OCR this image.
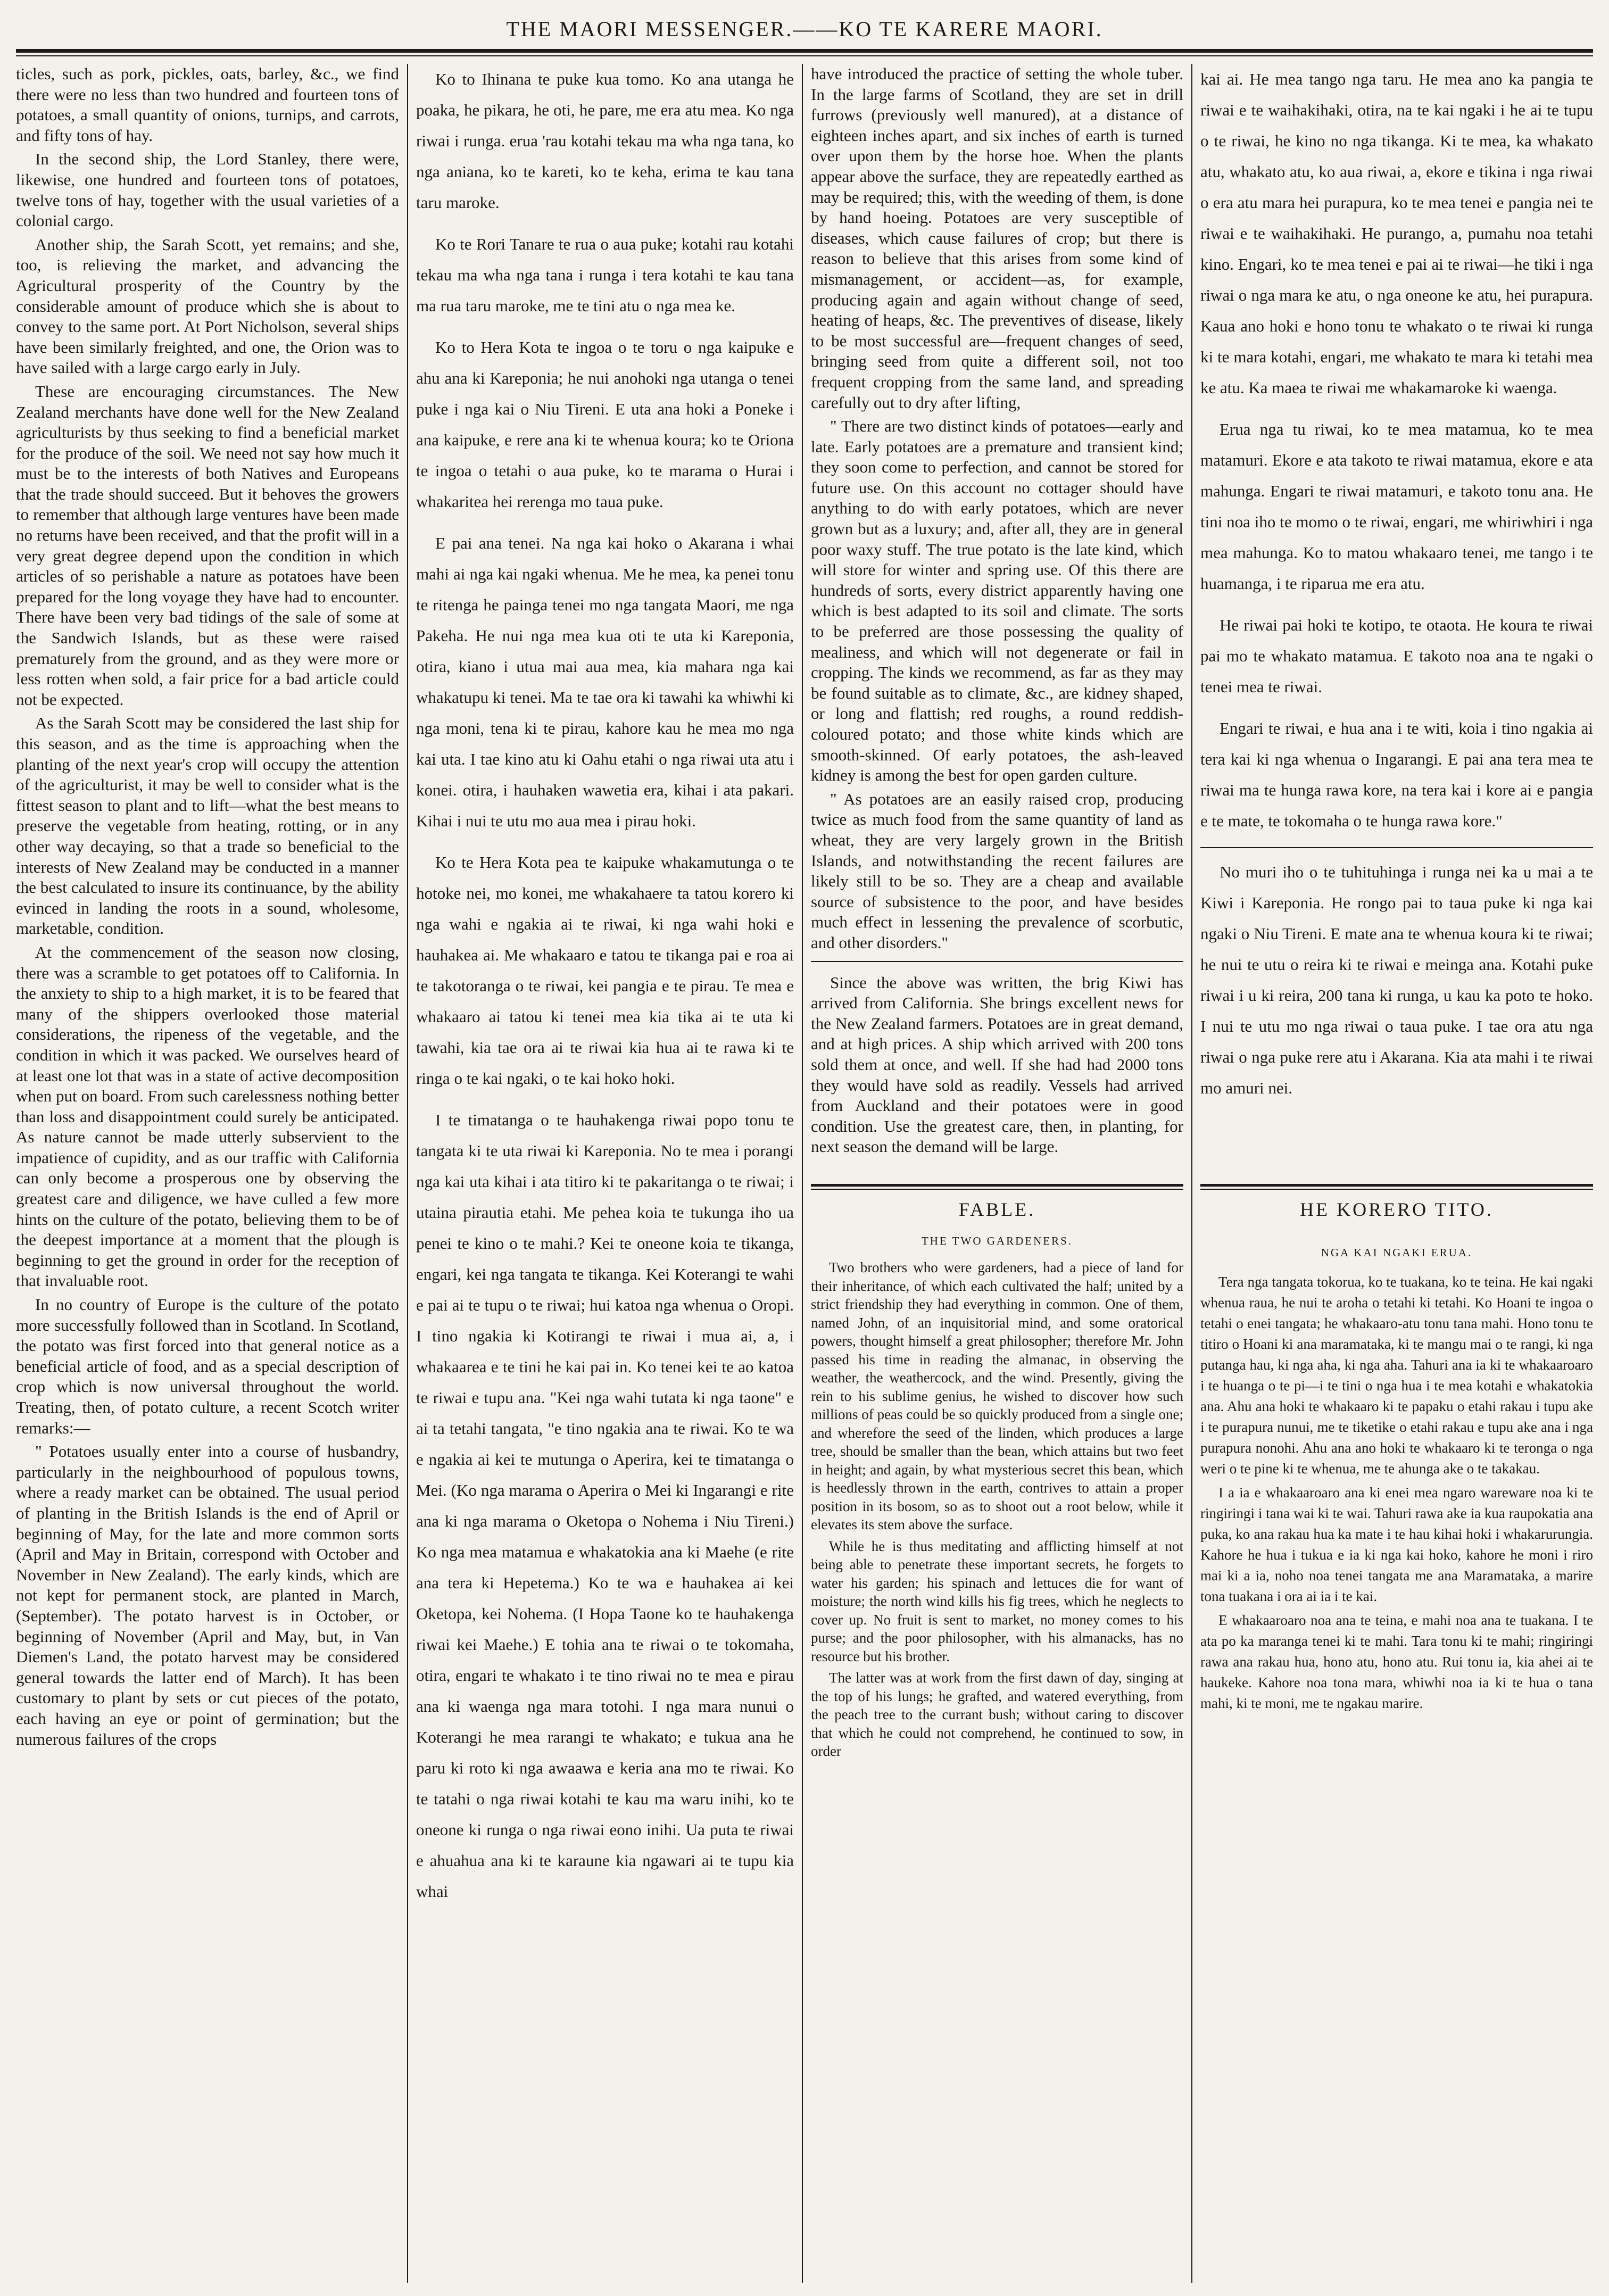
THE MAORI MESSENGER.——KO TE KARERE MAORI.

ticles, such as pork, pickles, oats, barley, &c., we find there were no less than two hundred and fourteen tons of potatoes, a small quantity of onions, turnips, and carrots, and fifty tons of hay.

In the second ship, the Lord Stanley, there were, likewise, one hundred and fourteen tons of potatoes, twelve tons of hay, together with the usual varieties of a colonial cargo.

Another ship, the Sarah Scott, yet remains; and she, too, is relieving the market, and advancing the Agricultural prosperity of the Country by the considerable amount of produce which she is about to convey to the same port. At Port Nicholson, several ships have been similarly freighted, and one, the Orion was to have sailed with a large cargo early in July.

These are encouraging circumstances. The New Zealand merchants have done well for the New Zealand agriculturists by thus seeking to find a beneficial market for the produce of the soil. We need not say how much it must be to the interests of both Natives and Europeans that the trade should succeed. But it behoves the growers to remember that although large ventures have been made no returns have been received, and that the profit will in a very great degree depend upon the condition in which articles of so perishable a nature as potatoes have been prepared for the long voyage they have had to encounter. There have been very bad tidings of the sale of some at the Sandwich Islands, but as these were raised prematurely from the ground, and as they were more or less rotten when sold, a fair price for a bad article could not be expected.

As the Sarah Scott may be considered the last ship for this season, and as the time is approaching when the planting of the next year's crop will occupy the attention of the agriculturist, it may be well to consider what is the fittest season to plant and to lift—what the best means to preserve the vegetable from heating, rotting, or in any other way decaying, so that a trade so beneficial to the interests of New Zealand may be conducted in a manner the best calculated to insure its continuance, by the ability evinced in landing the roots in a sound, wholesome, marketable, condition.

At the commencement of the season now closing, there was a scramble to get potatoes off to California. In the anxiety to ship to a high market, it is to be feared that many of the shippers overlooked those material considerations, the ripeness of the vegetable, and the condition in which it was packed. We ourselves heard of at least one lot that was in a state of active decomposition when put on board. From such carelessness nothing better than loss and disappointment could surely be anticipated. As nature cannot be made utterly subservient to the impatience of cupidity, and as our traffic with California can only become a prosperous one by observing the greatest care and diligence, we have culled a few more hints on the culture of the potato, believing them to be of the deepest importance at a moment that the plough is beginning to get the ground in order for the reception of that invaluable root.

In no country of Europe is the culture of the potato more successfully followed than in Scotland. In Scotland, the potato was first forced into that general notice as a beneficial article of food, and as a special description of crop which is now universal throughout the world. Treating, then, of potato culture, a recent Scotch writer remarks:—

" Potatoes usually enter into a course of husbandry, particularly in the neighbourhood of populous towns, where a ready market can be obtained. The usual period of planting in the British Islands is the end of April or beginning of May, for the late and more common sorts (April and May in Britain, correspond with October and November in New Zealand). The early kinds, which are not kept for permanent stock, are planted in March, (September). The potato harvest is in October, or beginning of November (April and May, but, in Van Diemen's Land, the potato harvest may be considered general towards the latter end of March). It has been customary to plant by sets or cut pieces of the potato, each having an eye or point of germination; but the numerous failures of the crops

Ko to Ihinana te puke kua tomo. Ko ana utanga he poaka, he pikara, he oti, he pare, me era atu mea. Ko nga riwai i runga. erua 'rau kotahi tekau ma wha nga tana, ko nga aniana, ko te kareti, ko te keha, erima te kau tana taru maroke.

Ko te Rori Tanare te rua o aua puke; kotahi rau kotahi tekau ma wha nga tana i runga i tera kotahi te kau tana ma rua taru maroke, me te tini atu o nga mea ke.

Ko to Hera Kota te ingoa o te toru o nga kaipuke e ahu ana ki Kareponia; he nui anohoki nga utanga o tenei puke i nga kai o Niu Tireni. E uta ana hoki a Poneke i ana kaipuke, e rere ana ki te whenua koura; ko te Oriona te ingoa o tetahi o aua puke, ko te marama o Hurai i whakaritea hei rerenga mo taua puke.

E pai ana tenei. Na nga kai hoko o Akarana i whai mahi ai nga kai ngaki whenua. Me he mea, ka penei tonu te ritenga he painga tenei mo nga tangata Maori, me nga Pakeha. He nui nga mea kua oti te uta ki Kareponia, otira, kiano i utua mai aua mea, kia mahara nga kai whakatupu ki tenei. Ma te tae ora ki tawahi ka whiwhi ki nga moni, tena ki te pirau, kahore kau he mea mo nga kai uta. I tae kino atu ki Oahu etahi o nga riwai uta atu i konei. otira, i hauhaken wawetia era, kihai i ata pakari. Kihai i nui te utu mo aua mea i pirau hoki.

Ko te Hera Kota pea te kaipuke whakamutunga o te hotoke nei, mo konei, me whakahaere ta tatou korero ki nga wahi e ngakia ai te riwai, ki nga wahi hoki e hauhakea ai. Me whakaaro e tatou te tikanga pai e roa ai te takotoranga o te riwai, kei pangia e te pirau. Te mea e whakaaro ai tatou ki tenei mea kia tika ai te uta ki tawahi, kia tae ora ai te riwai kia hua ai te rawa ki te ringa o te kai ngaki, o te kai hoko hoki.

I te timatanga o te hauhakenga riwai popo tonu te tangata ki te uta riwai ki Kareponia. No te mea i porangi nga kai uta kihai i ata titiro ki te pakaritanga o te riwai; i utaina pirautia etahi. Me pehea koia te tukunga iho ua penei te kino o te mahi.? Kei te oneone koia te tikanga, engari, kei nga tangata te tikanga. Kei Koterangi te wahi e pai ai te tupu o te riwai; hui katoa nga whenua o Oropi. I tino ngakia ki Kotirangi te riwai i mua ai, a, i whakaarea e te tini he kai pai in. Ko tenei kei te ao katoa te riwai e tupu ana. "Kei nga wahi tutata ki nga taone" e ai ta tetahi tangata, "e tino ngakia ana te riwai. Ko te wa e ngakia ai kei te mutunga o Aperira, kei te timatanga o Mei. (Ko nga marama o Aperira o Mei ki Ingarangi e rite ana ki nga marama o Oketopa o Nohema i Niu Tireni.) Ko nga mea matamua e whakatokia ana ki Maehe (e rite ana tera ki Hepetema.) Ko te wa e hauhakea ai kei Oketopa, kei Nohema. (I Hopa Taone ko te hauhakenga riwai kei Maehe.) E tohia ana te riwai o te tokomaha, otira, engari te whakato i te tino riwai no te mea e pirau ana ki waenga nga mara totohi. I nga mara nunui o Koterangi he mea rarangi te whakato; e tukua ana he paru ki roto ki nga awaawa e keria ana mo te riwai. Ko te tatahi o nga riwai kotahi te kau ma waru inihi, ko te oneone ki runga o nga riwai eono inihi. Ua puta te riwai e ahuahua ana ki te karaune kia ngawari ai te tupu kia whai

have introduced the practice of setting the whole tuber. In the large farms of Scotland, they are set in drill furrows (previously well manured), at a distance of eighteen inches apart, and six inches of earth is turned over upon them by the horse hoe. When the plants appear above the surface, they are repeatedly earthed as may be required; this, with the weeding of them, is done by hand hoeing. Potatoes are very susceptible of diseases, which cause failures of crop; but there is reason to believe that this arises from some kind of mismanagement, or accident—as, for example, producing again and again without change of seed, heating of heaps, &c. The preventives of disease, likely to be most successful are—frequent changes of seed, bringing seed from quite a different soil, not too frequent cropping from the same land, and spreading carefully out to dry after lifting,

" There are two distinct kinds of potatoes—early and late. Early potatoes are a premature and transient kind; they soon come to perfection, and cannot be stored for future use. On this account no cottager should have anything to do with early potatoes, which are never grown but as a luxury; and, after all, they are in general poor waxy stuff. The true potato is the late kind, which will store for winter and spring use. Of this there are hundreds of sorts, every district apparently having one which is best adapted to its soil and climate. The sorts to be preferred are those possessing the quality of mealiness, and which will not degenerate or fail in cropping. The kinds we recommend, as far as they may be found suitable as to climate, &c., are kidney shaped, or long and flattish; red roughs, a round reddish-coloured potato; and those white kinds which are smooth-skinned. Of early potatoes, the ash-leaved kidney is among the best for open garden culture.

" As potatoes are an easily raised crop, producing twice as much food from the same quantity of land as wheat, they are very largely grown in the British Islands, and notwithstanding the recent failures are likely still to be so. They are a cheap and available source of subsistence to the poor, and have besides much effect in lessening the prevalence of scorbutic, and other disorders."

Since the above was written, the brig Kiwi has arrived from California. She brings excellent news for the New Zealand farmers. Potatoes are in great demand, and at high prices. A ship which arrived with 200 tons sold them at once, and well. If she had had 2000 tons they would have sold as readily. Vessels had arrived from Auckland and their potatoes were in good condition. Use the greatest care, then, in planting, for next season the demand will be large.

kai ai. He mea tango nga taru. He mea ano ka pangia te riwai e te waihakihaki, otira, na te kai ngaki i he ai te tupu o te riwai, he kino no nga tikanga. Ki te mea, ka whakato atu, whakato atu, ko aua riwai, a, ekore e tikina i nga riwai o era atu mara hei purapura, ko te mea tenei e pangia nei te riwai e te waihakihaki. He purango, a, pumahu noa tetahi kino. Engari, ko te mea tenei e pai ai te riwai—he tiki i nga riwai o nga mara ke atu, o nga oneone ke atu, hei purapura. Kaua ano hoki e hono tonu te whakato o te riwai ki runga ki te mara kotahi, engari, me whakato te mara ki tetahi mea ke atu. Ka maea te riwai me whakamaroke ki waenga.

Erua nga tu riwai, ko te mea matamua, ko te mea matamuri. Ekore e ata takoto te riwai matamua, ekore e ata mahunga. Engari te riwai matamuri, e takoto tonu ana. He tini noa iho te momo o te riwai, engari, me whiriwhiri i nga mea mahunga. Ko to matou whakaaro tenei, me tango i te huamanga, i te riparua me era atu.

He riwai pai hoki te kotipo, te otaota. He koura te riwai pai mo te whakato matamua. E takoto noa ana te ngaki o tenei mea te riwai.

Engari te riwai, e hua ana i te witi, koia i tino ngakia ai tera kai ki nga whenua o Ingarangi. E pai ana tera mea te riwai ma te hunga rawa kore, na tera kai i kore ai e pangia e te mate, te tokomaha o te hunga rawa kore."

No muri iho o te tuhituhinga i runga nei ka u mai a te Kiwi i Kareponia. He rongo pai to taua puke ki nga kai ngaki o Niu Tireni. E mate ana te whenua koura ki te riwai; he nui te utu o reira ki te riwai e meinga ana. Kotahi puke riwai i u ki reira, 200 tana ki runga, u kau ka poto te hoko. I nui te utu mo nga riwai o taua puke. I tae ora atu nga riwai o nga puke rere atu i Akarana. Kia ata mahi i te riwai mo amuri nei.

FABLE.
THE TWO GARDENERS.

Two brothers who were gardeners, had a piece of land for their inheritance, of which each cultivated the half; united by a strict friendship they had everything in common. One of them, named John, of an inquisitorial mind, and some oratorical powers, thought himself a great philosopher; therefore Mr. John passed his time in reading the almanac, in observing the weather, the weathercock, and the wind. Presently, giving the rein to his sublime genius, he wished to discover how such millions of peas could be so quickly produced from a single one; and wherefore the seed of the linden, which produces a large tree, should be smaller than the bean, which attains but two feet in height; and again, by what mysterious secret this bean, which is heedlessly thrown in the earth, contrives to attain a proper position in its bosom, so as to shoot out a root below, while it elevates its stem above the surface.

While he is thus meditating and afflicting himself at not being able to penetrate these important secrets, he forgets to water his garden; his spinach and lettuces die for want of moisture; the north wind kills his fig trees, which he neglects to cover up. No fruit is sent to market, no money comes to his purse; and the poor philosopher, with his almanacks, has no resource but his brother.

The latter was at work from the first dawn of day, singing at the top of his lungs; he grafted, and watered everything, from the peach tree to the currant bush; without caring to discover that which he could not comprehend, he continued to sow, in order

HE KORERO TITO.
NGA KAI NGAKI ERUA.

Tera nga tangata tokorua, ko te tuakana, ko te teina. He kai ngaki whenua raua, he nui te aroha o tetahi ki tetahi. Ko Hoani te ingoa o tetahi o enei tangata; he whakaaro-atu tonu tana mahi. Hono tonu te titiro o Hoani ki ana maramataka, ki te mangu mai o te rangi, ki nga putanga hau, ki nga aha, ki nga aha. Tahuri ana ia ki te whakaaroaro i te huanga o te pi—i te tini o nga hua i te mea kotahi e whakatokia ana. Ahu ana hoki te whakaaro ki te papaku o etahi rakau i tupu ake i te purapura nunui, me te tiketike o etahi rakau e tupu ake ana i nga purapura nonohi. Ahu ana ano hoki te whakaaro ki te teronga o nga weri o te pine ki te whenua, me te ahunga ake o te takakau.

I a ia e whakaaroaro ana ki enei mea ngaro wareware noa ki te ringiringi i tana wai ki te wai. Tahuri rawa ake ia kua raupokatia ana puka, ko ana rakau hua ka mate i te hau kihai hoki i whakarurungia. Kahore he hua i tukua e ia ki nga kai hoko, kahore he moni i riro mai ki a ia, noho noa tenei tangata me ana Maramataka, a marire tona tuakana i ora ai ia i te kai.

E whakaaroaro noa ana te teina, e mahi noa ana te tuakana. I te ata po ka maranga tenei ki te mahi. Tara tonu ki te mahi; ringiringi rawa ana rakau hua, hono atu, hono atu. Rui tonu ia, kia ahei ai te haukeke. Kahore noa tona mara, whiwhi noa ia ki te hua o tana mahi, ki te moni, me te ngakau marire.
